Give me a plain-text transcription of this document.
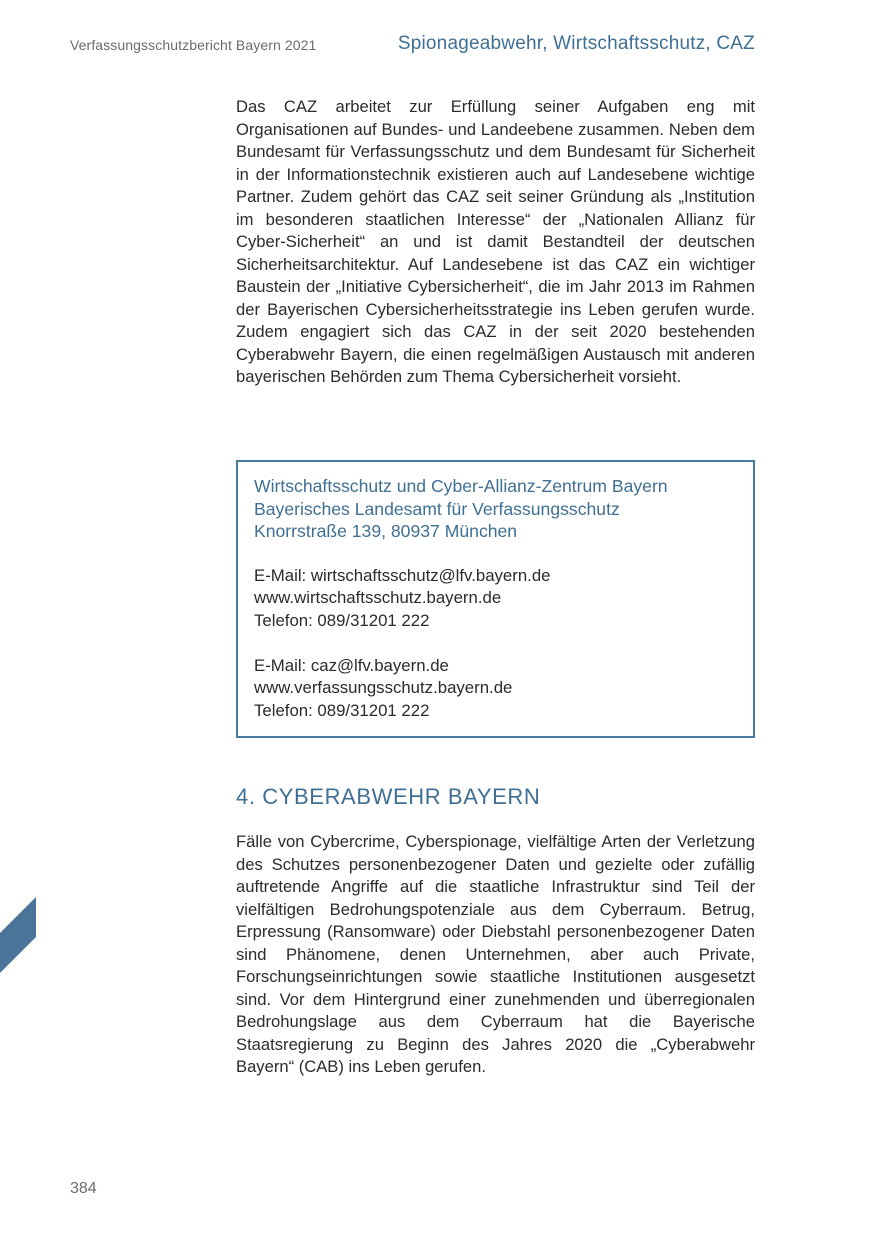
Verfassungsschutzbericht Bayern 2021	Spionageabwehr, Wirtschaftsschutz, CAZ

Das CAZ arbeitet zur Erfüllung seiner Aufgaben eng mit Organisationen auf Bundes- und Landeebene zusammen. Neben dem Bundesamt für Verfassungsschutz und dem Bundesamt für Sicherheit in der Informationstechnik existieren auch auf Landesebene wichtige Partner. Zudem gehört das CAZ seit seiner Gründung als „Institution im besonderen staatlichen Interesse“ der „Nationalen Allianz für Cyber-Sicherheit“ an und ist damit Bestandteil der deutschen Sicherheitsarchitektur. Auf Landesebene ist das CAZ ein wichtiger Baustein der „Initiative Cybersicherheit“, die im Jahr 2013 im Rahmen der Bayerischen Cybersicherheitsstrategie ins Leben gerufen wurde. Zudem engagiert sich das CAZ in der seit 2020 bestehenden Cyberabwehr Bayern, die einen regelmäßigen Austausch mit anderen bayerischen Behörden zum Thema Cybersicherheit vorsieht.

Wirtschaftsschutz und Cyber-Allianz-Zentrum Bayern
Bayerisches Landesamt für Verfassungsschutz
Knorrstraße 139, 80937 München
E-Mail: wirtschaftsschutz@lfv.bayern.de
www.wirtschaftsschutz.bayern.de
Telefon: 089/31201 222
E-Mail: caz@lfv.bayern.de
www.verfassungsschutz.bayern.de
Telefon: 089/31201 222
4. CYBERABWEHR BAYERN

Fälle von Cybercrime, Cyberspionage, vielfältige Arten der Verletzung des Schutzes personenbezogener Daten und gezielte oder zufällig auftretende Angriffe auf die staatliche Infrastruktur sind Teil der vielfältigen Bedrohungspotenziale aus dem Cyberraum. Betrug, Erpressung (Ransomware) oder Diebstahl personenbezogener Daten sind Phänomene, denen Unternehmen, aber auch Private, Forschungseinrichtungen sowie staatliche Institutionen ausgesetzt sind. Vor dem Hintergrund einer zunehmenden und überregionalen Bedrohungslage aus dem Cyberraum hat die Bayerische Staatsregierung zu Beginn des Jahres 2020 die „Cyberabwehr Bayern“ (CAB) ins Leben gerufen.

384
